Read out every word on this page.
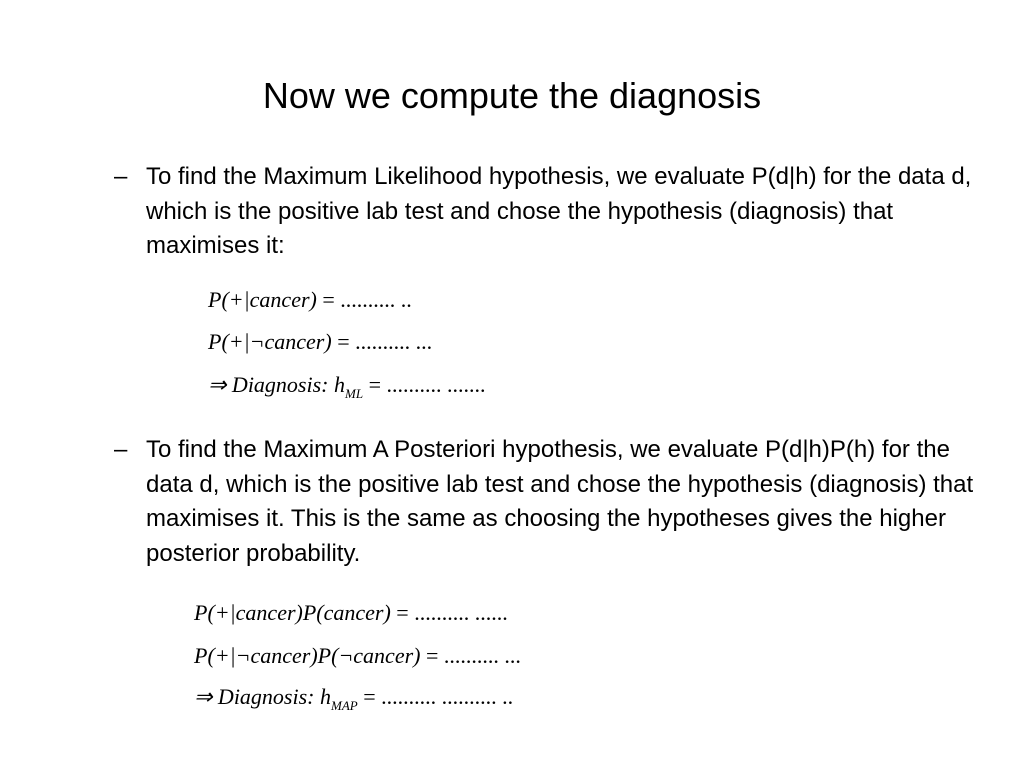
Now we compute the diagnosis
– To find the Maximum Likelihood hypothesis, we evaluate P(d|h) for the data d, which is the positive lab test and chose the hypothesis (diagnosis) that maximises it:
P(+|cancer) = .......... ..
P(+|¬cancer) = .......... ...
⇒ Diagnosis: $h_{ML}$ = .......... .......
– To find the Maximum A Posteriori hypothesis, we evaluate P(d|h)P(h) for the data d, which is the positive lab test and chose the hypothesis (diagnosis) that maximises it. This is the same as choosing the hypotheses gives the higher posterior probability.
P(+|cancer)P(cancer) = .......... ......
P(+|¬cancer)P(¬cancer) = .......... ...
⇒ Diagnosis: $h_{MAP}$ = .......... .......... ..
